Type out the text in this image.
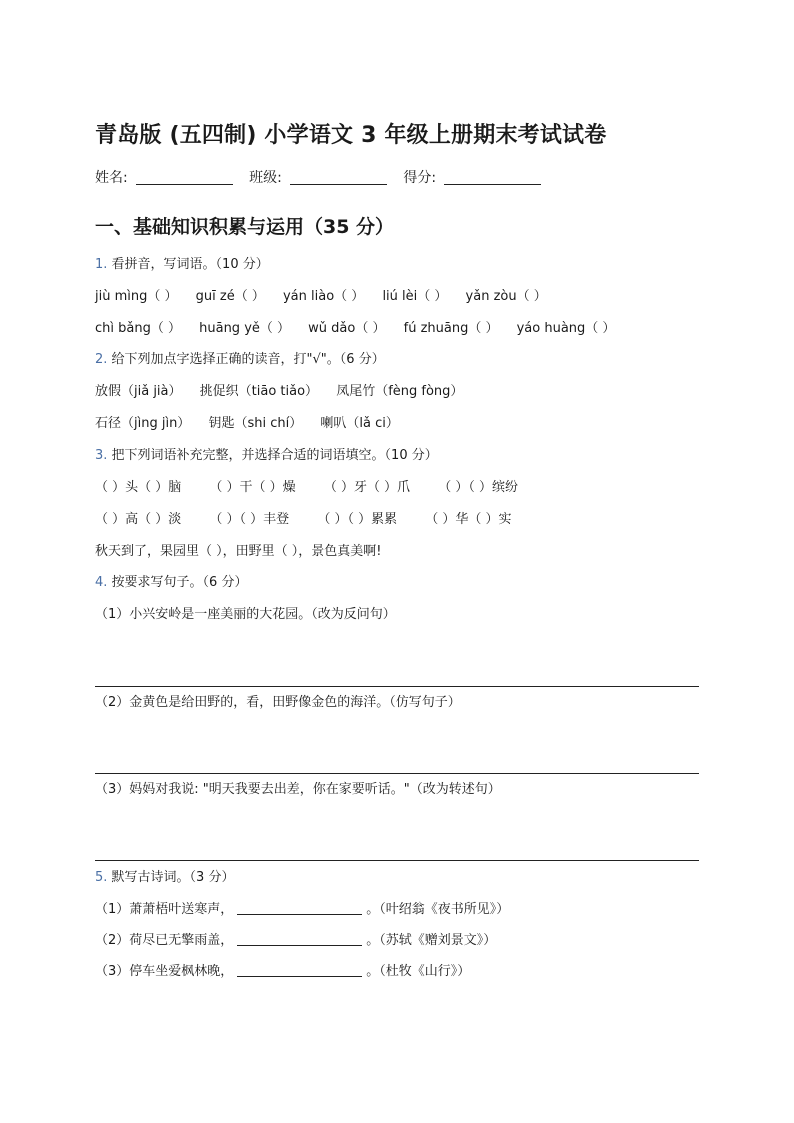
青岛版 (五四制) 小学语文 3 年级上册期末考试试卷
姓名:	班级:	得分:
一、基础知识积累与运用（35 分）
1. 看拼音，写词语。（10 分）
jiù mìng（ ） guī zé（ ） yán liào（ ） liú lèi（ ） yǎn zòu（ ）
chì bǎng（ ） huāng yě（ ） wǔ dǎo（ ） fú zhuāng（ ） yáo huàng（ ）
2. 给下列加点字选择正确的读音，打"√"。（6 分）
放假（jiǎ jià） 挑促织（tiāo tiǎo） 凤尾竹（fèng fòng）
石径（jìng jìn） 钥匙（shi chí） 喇叭（lǎ ci）
3. 把下列词语补充完整，并选择合适的词语填空。（10 分）
（ ）头（ ）脑 （ ）干（ ）燥 （ ）牙（ ）爪 （ ）（ ）缤纷
（ ）高（ ）淡 （ ）（ ）丰登 （ ）（ ）累累 （ ）华（ ）实
秋天到了，果园里（ ），田野里（ ），景色真美啊!
4. 按要求写句子。（6 分）
（1）小兴安岭是一座美丽的大花园。（改为反问句）
（2）金黄色是给田野的，看，田野像金色的海洋。（仿写句子）
（3）妈妈对我说: "明天我要去出差，你在家要听话。"（改为转述句）
5. 默写古诗词。（3 分）
（1）萧萧梧叶送寒声，	。（叶绍翁《夜书所见》）
（2）荷尽已无擎雨盖，	。（苏轼《赠刘景文》）
（3）停车坐爱枫林晚，	。（杜牧《山行》）
